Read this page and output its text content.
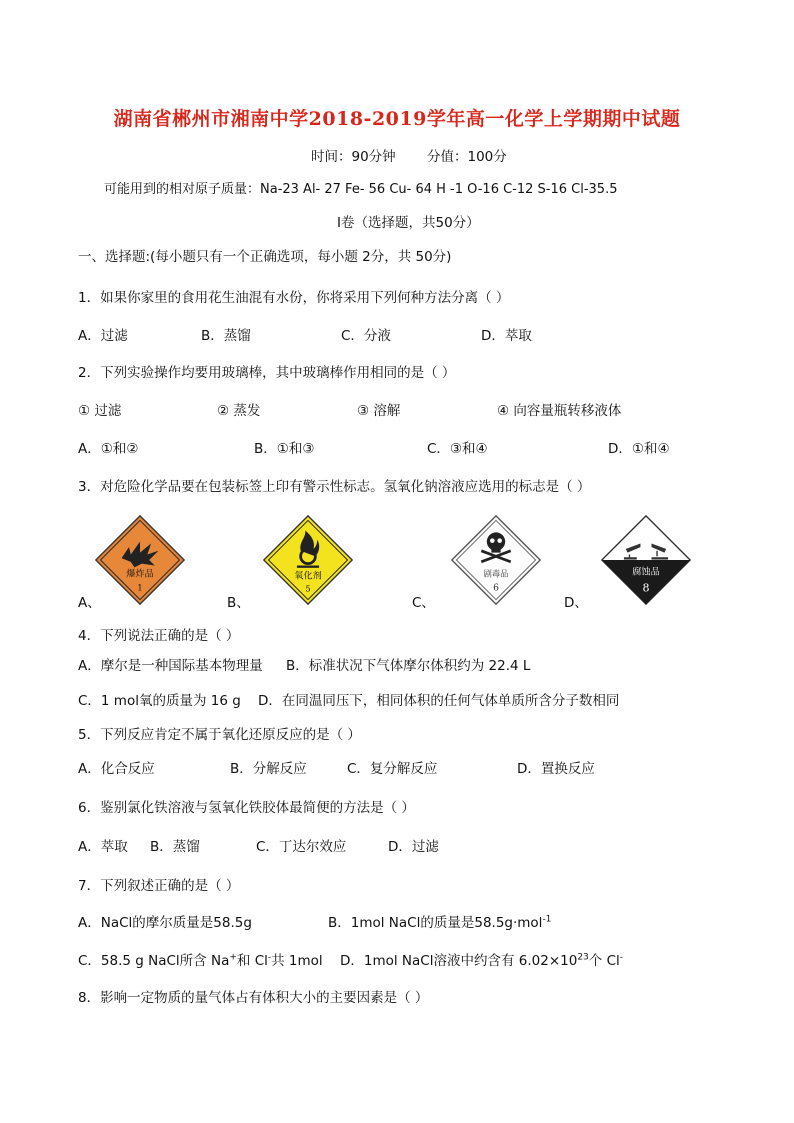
湖南省郴州市湘南中学2018-2019学年高一化学上学期期中试题
时间：90分钟 分值：100分
可能用到的相对原子质量：Na-23 Al- 27 Fe- 56 Cu- 64 H -1 O-16 C-12 S-16 Cl-35.5
Ⅰ卷（选择题，共50分）
一、选择题:(每小题只有一个正确选项，每小题 2分，共 50分)
1．如果你家里的食用花生油混有水份，你将采用下列何种方法分离（ ）
A．过滤	B．蒸馏	C．分液	D．萃取
2．下列实验操作均要用玻璃棒，其中玻璃棒作用相同的是（ ）
① 过滤	② 蒸发	③ 溶解	④ 向容量瓶转移液体
A．①和②	B．①和③	C．③和④	D．①和④
3．对危险化学品要在包装标签上印有警示性标志。氢氧化钠溶液应选用的标志是（ ）
A、	B、	C、	D、
爆炸品
1
氧化剂
5
剧毒品
6
腐蚀品
8
4．下列说法正确的是（ ）
A．摩尔是一种国际基本物理量 B．标准状况下气体摩尔体积约为 22.4 L
C．1 mol氧的质量为 16 g D．在同温同压下，相同体积的任何气体单质所含分子数相同
5．下列反应肯定不属于氧化还原反应的是（ ）
A．化合反应	B．分解反应	C．复分解反应	D．置换反应
6．鉴别氯化铁溶液与氢氧化铁胶体最简便的方法是（ ）
A．萃取 B．蒸馏	C．丁达尔效应	D．过滤
7．下列叙述正确的是（ ）
A．NaCl的摩尔质量是58.5g	B．1mol NaCl的质量是58.5g·mol$^{-1}$
C．58.5 g NaCl所含 Na+和 Cl-共 1mol D．1mol NaCl溶液中约含有 $6.02\times 10^{23}$个 Cl-
8．影响一定物质的量气体占有体积大小的主要因素是（ ）
